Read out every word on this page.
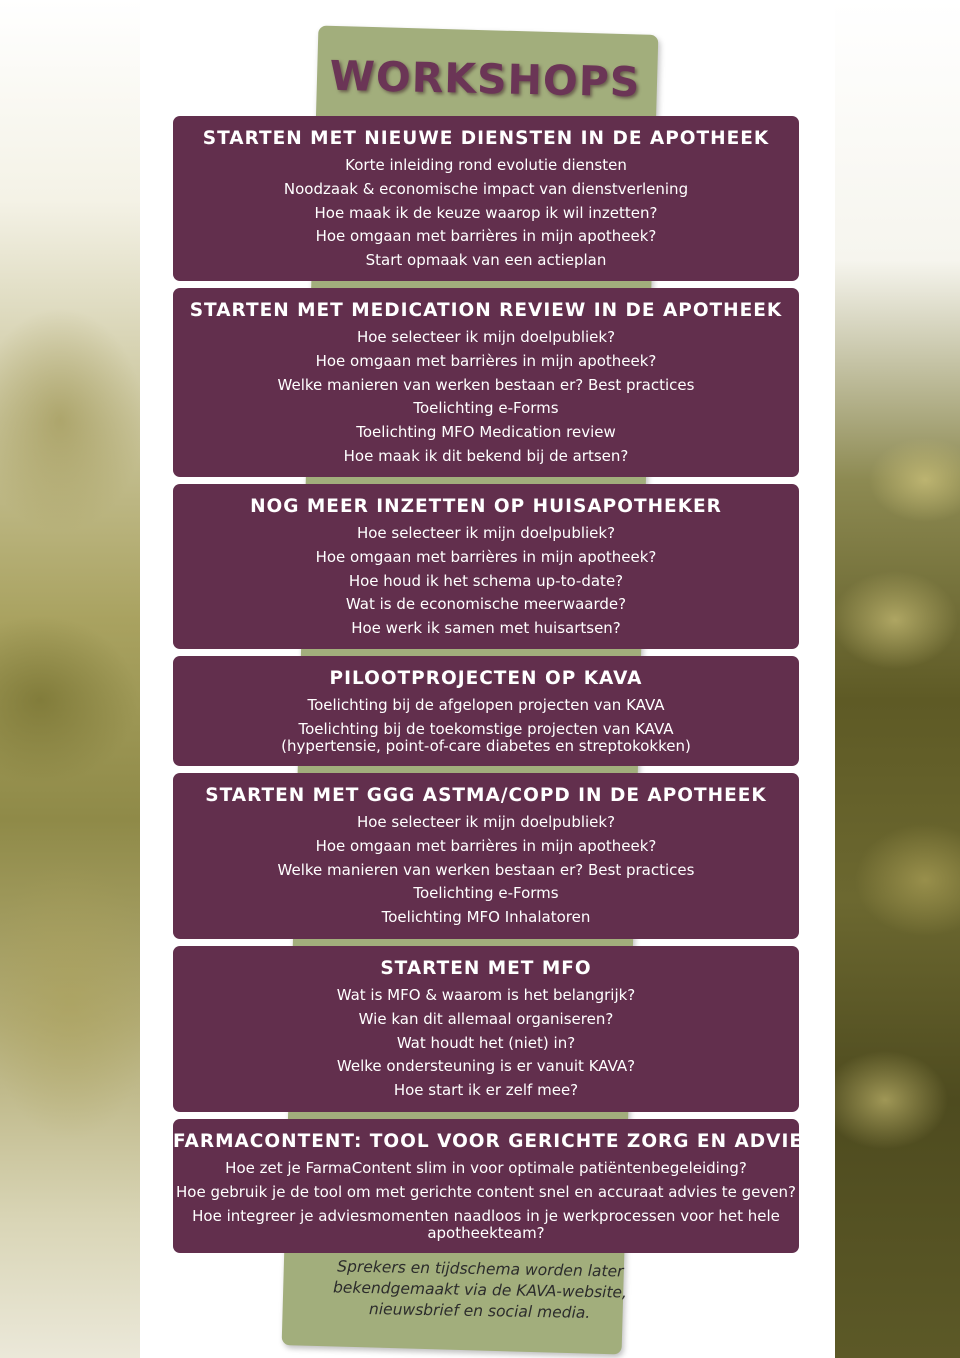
WORKSHOPS
STARTEN MET NIEUWE DIENSTEN IN DE APOTHEEK
Korte inleiding rond evolutie diensten
Noodzaak & economische impact van dienstverlening
Hoe maak ik de keuze waarop ik wil inzetten?
Hoe omgaan met barrières in mijn apotheek?
Start opmaak van een actieplan
STARTEN MET MEDICATION REVIEW IN DE APOTHEEK
Hoe selecteer ik mijn doelpubliek?
Hoe omgaan met barrières in mijn apotheek?
Welke manieren van werken bestaan er? Best practices
Toelichting e-Forms
Toelichting MFO Medication review
Hoe maak ik dit bekend bij de artsen?
NOG MEER INZETTEN OP HUISAPOTHEKER
Hoe selecteer ik mijn doelpubliek?
Hoe omgaan met barrières in mijn apotheek?
Hoe houd ik het schema up-to-date?
Wat is de economische meerwaarde?
Hoe werk ik samen met huisartsen?
PILOOTPROJECTEN OP KAVA
Toelichting bij de afgelopen projecten van KAVA
Toelichting bij de toekomstige projecten van KAVA
(hypertensie, point-of-care diabetes en streptokokken)
STARTEN MET GGG ASTMA/COPD IN DE APOTHEEK
Hoe selecteer ik mijn doelpubliek?
Hoe omgaan met barrières in mijn apotheek?
Welke manieren van werken bestaan er? Best practices
Toelichting e-Forms
Toelichting MFO Inhalatoren
STARTEN MET MFO
Wat is MFO & waarom is het belangrijk?
Wie kan dit allemaal organiseren?
Wat houdt het (niet) in?
Welke ondersteuning is er vanuit KAVA?
Hoe start ik er zelf mee?
FARMACONTENT: TOOL VOOR GERICHTE ZORG EN ADVIES
Hoe zet je FarmaContent slim in voor optimale patiëntenbegeleiding?
Hoe gebruik je de tool om met gerichte content snel en accuraat advies te geven?
Hoe integreer je adviesmomenten naadloos in je werkprocessen voor het hele
apotheekteam?
Sprekers en tijdschema worden later
bekendgemaakt via de KAVA-website,
nieuwsbrief en social media.
